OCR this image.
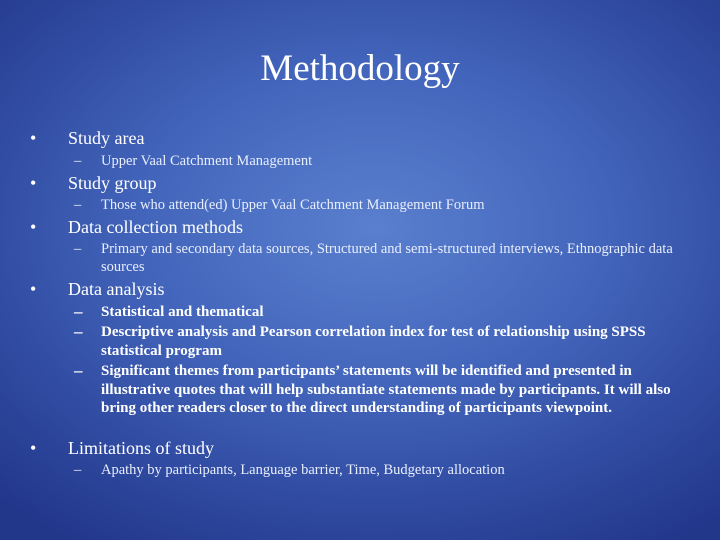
Methodology
• Study area
– Upper Vaal Catchment Management
• Study group
– Those who attend(ed) Upper Vaal Catchment Management Forum
• Data collection methods
– Primary and secondary data sources, Structured and semi-structured interviews, Ethnographic data sources
• Data analysis
– Statistical and thematical
– Descriptive analysis and Pearson correlation index for test of relationship using SPSS statistical program
– Significant themes from participants’ statements will be identified and presented in illustrative quotes that will help substantiate statements made by participants. It will also bring other readers closer to the direct understanding of participants viewpoint.
• Limitations of study
– Apathy by participants, Language barrier, Time, Budgetary allocation
